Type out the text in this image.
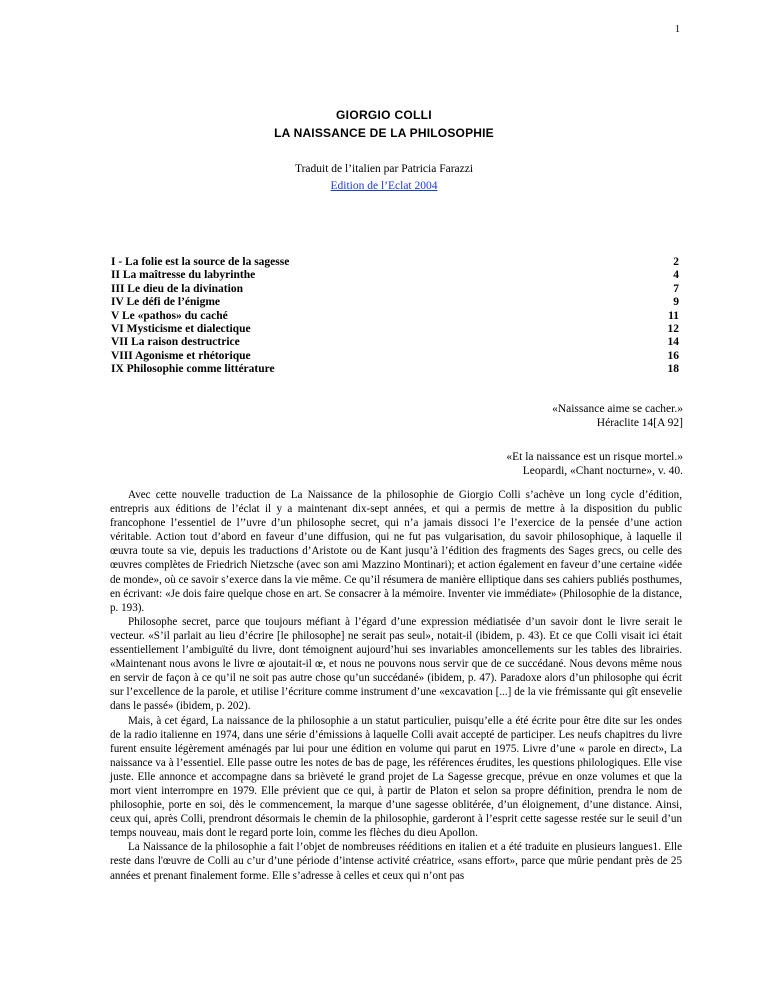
1
GIORGIO COLLI
LA NAISSANCE DE LA PHILOSOPHIE
Traduit de l’italien par Patricia Farazzi
Edition de l’Eclat 2004
I - La folie est la source de la sagesse	2
II La maîtresse du labyrinthe	4
III Le dieu de la divination	7
IV Le défi de l’énigme	9
V Le «pathos» du caché	11
VI Mysticisme et dialectique	12
VII La raison destructrice	14
VIII Agonisme et rhétorique	16
IX Philosophie comme littérature	18
«Naissance aime se cacher.»
Héraclite 14[A 92]
«Et la naissance est un risque mortel.»
Leopardi, «Chant nocturne», v. 40.

Avec cette nouvelle traduction de La Naissance de la philosophie de Giorgio Colli s’achève un long cycle d’édition, entrepris aux éditions de l’éclat il y a maintenant dix-sept années, et qui a permis de mettre à la disposition du public francophone l’essentiel de l’’uvre d’un philosophe secret, qui n’a jamais dissoci l’e l’exercice de la pensée d’une action véritable. Action tout d’abord en faveur d’une diffusion, qui ne fut pas vulgarisation, du savoir philosophique, à laquelle il œuvra toute sa vie, depuis les traductions d’Aristote ou de Kant jusqu’à l’édition des fragments des Sages grecs, ou celle des œuvres complètes de Friedrich Nietzsche (avec son ami Mazzino Montinari); et action également en faveur d’une certaine «idée de monde», où ce savoir s’exerce dans la vie même. Ce qu’il résumera de manière elliptique dans ses cahiers publiés posthumes, en écrivant: «Je dois faire quelque chose en art. Se consacrer à la mémoire. Inventer vie immédiate» (Philosophie de la distance, p. 193).

Philosophe secret, parce que toujours méfiant à l’égard d’une expression médiatisée d’un savoir dont le livre serait le vecteur. «S’il parlait au lieu d’écrire [le philosophe] ne serait pas seul», notait-il (ibidem, p. 43). Et ce que Colli visait ici était essentiellement l’ambiguïté du livre, dont témoignent aujourd’hui ses invariables amoncellements sur les tables des librairies. «Maintenant nous avons le livre œ ajoutait-il œ, et nous ne pouvons nous servir que de ce succédané. Nous devons même nous en servir de façon à ce qu’il ne soit pas autre chose qu’un succédané» (ibidem, p. 47). Paradoxe alors d’un philosophe qui écrit sur l’excellence de la parole, et utilise l’écriture comme instrument d’une «excavation [...] de la vie frémissante qui gît ensevelie dans le passé» (ibidem, p. 202).

Mais, à cet égard, La naissance de la philosophie a un statut particulier, puisqu’elle a été écrite pour être dite sur les ondes de la radio italienne en 1974, dans une série d’émissions à laquelle Colli avait accepté de participer. Les neufs chapitres du livre furent ensuite légèrement aménagés par lui pour une édition en volume qui parut en 1975. Livre d’une « parole en direct», La naissance va à l’essentiel. Elle passe outre les notes de bas de page, les références érudites, les questions philologiques. Elle vise juste. Elle annonce et accompagne dans sa brièveté le grand projet de La Sagesse grecque, prévue en onze volumes et que la mort vient interrompre en 1979. Elle prévient que ce qui, à partir de Platon et selon sa propre définition, prendra le nom de philosophie, porte en soi, dès le commencement, la marque d’une sagesse oblitérée, d’un éloignement, d’une distance. Ainsi, ceux qui, après Colli, prendront désormais le chemin de la philosophie, garderont à l’esprit cette sagesse restée sur le seuil d’un temps nouveau, mais dont le regard porte loin, comme les flèches du dieu Apollon.

La Naissance de la philosophie a fait l’objet de nombreuses rééditions en italien et a été traduite en plusieurs langues1. Elle reste dans l'œuvre de Colli au c’ur d’une période d’intense activité créatrice, «sans effort», parce que mûrie pendant près de 25 années et prenant finalement forme. Elle s’adresse à celles et ceux qui n’ont pas
